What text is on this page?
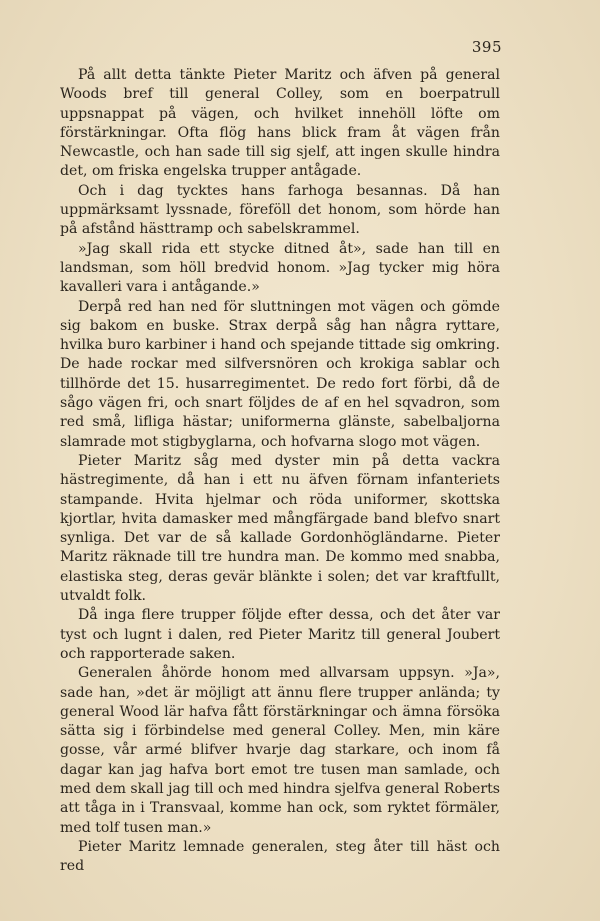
395

På allt detta tänkte Pieter Maritz och äfven på general Woods bref till general Colley, som en boerpatrull uppsnappat på vägen, och hvilket innehöll löfte om förstärkningar. Ofta flög hans blick fram åt vägen från Newcastle, och han sade till sig sjelf, att ingen skulle hindra det, om friska engelska trupper antågade.

Och i dag tycktes hans farhoga besannas. Då han uppmärksamt lyssnade, föreföll det honom, som hörde han på afstånd hästtramp och sabelskrammel.

»Jag skall rida ett stycke ditned åt», sade han till en landsman, som höll bredvid honom. »Jag tycker mig höra kavalleri vara i antågande.»

Derpå red han ned för sluttningen mot vägen och gömde sig bakom en buske. Strax derpå såg han några ryttare, hvilka buro karbiner i hand och spejande tittade sig omkring. De hade rockar med silfversnören och krokiga sablar och tillhörde det 15. husarregimentet. De redo fort förbi, då de sågo vägen fri, och snart följdes de af en hel sqvadron, som red små, lifliga hästar; uniformerna glänste, sabelbaljorna slamrade mot stigbyglarna, och hofvarna slogo mot vägen.

Pieter Maritz såg med dyster min på detta vackra hästregimente, då han i ett nu äfven förnam infanteriets stampande. Hvita hjelmar och röda uniformer, skottska kjortlar, hvita damasker med mångfärgade band blefvo snart synliga. Det var de så kallade Gordonhögländarne. Pieter Maritz räknade till tre hundra man. De kommo med snabba, elastiska steg, deras gevär blänkte i solen; det var kraftfullt, utvaldt folk.

Då inga flere trupper följde efter dessa, och det åter var tyst och lugnt i dalen, red Pieter Maritz till general Joubert och rapporterade saken.

Generalen åhörde honom med allvarsam uppsyn. »Ja», sade han, »det är möjligt att ännu flere trupper anlända; ty general Wood lär hafva fått förstärkningar och ämna försöka sätta sig i förbindelse med general Colley. Men, min käre gosse, vår armé blifver hvarje dag starkare, och inom få dagar kan jag hafva bort emot tre tusen man samlade, och med dem skall jag till och med hindra sjelfva general Roberts att tåga in i Transvaal, komme han ock, som ryktet förmäler, med tolf tusen man.»

Pieter Maritz lemnade generalen, steg åter till häst och red
